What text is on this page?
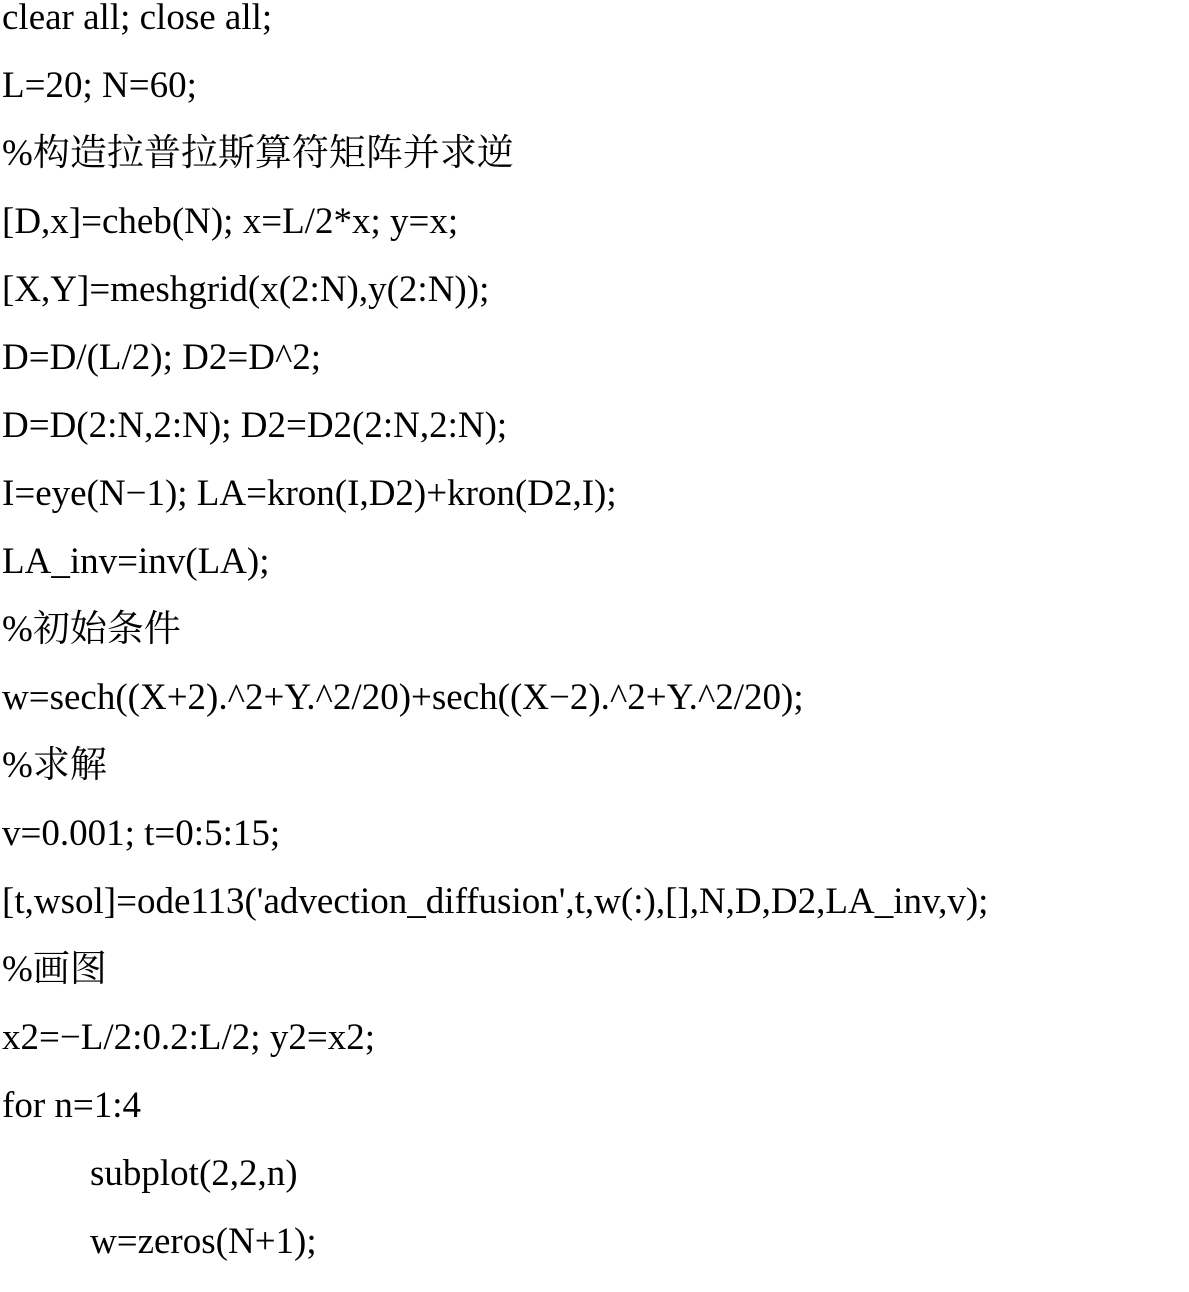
clear all; close all;
L=20; N=60;
%构造拉普拉斯算符矩阵并求逆
[D,x]=cheb(N); x=L/2*x; y=x;
[X,Y]=meshgrid(x(2:N),y(2:N));
D=D/(L/2); D2=D^2;
D=D(2:N,2:N); D2=D2(2:N,2:N);
I=eye(N−1); LA=kron(I,D2)+kron(D2,I);
LA_inv=inv(LA);
%初始条件
w=sech((X+2).^2+Y.^2/20)+sech((X−2).^2+Y.^2/20);
%求解
v=0.001; t=0:5:15;
[t,wsol]=ode113('advection_diffusion',t,w(:),[],N,D,D2,LA_inv,v);
%画图
x2=−L/2:0.2:L/2; y2=x2;
for n=1:4
subplot(2,2,n)
w=zeros(N+1);
